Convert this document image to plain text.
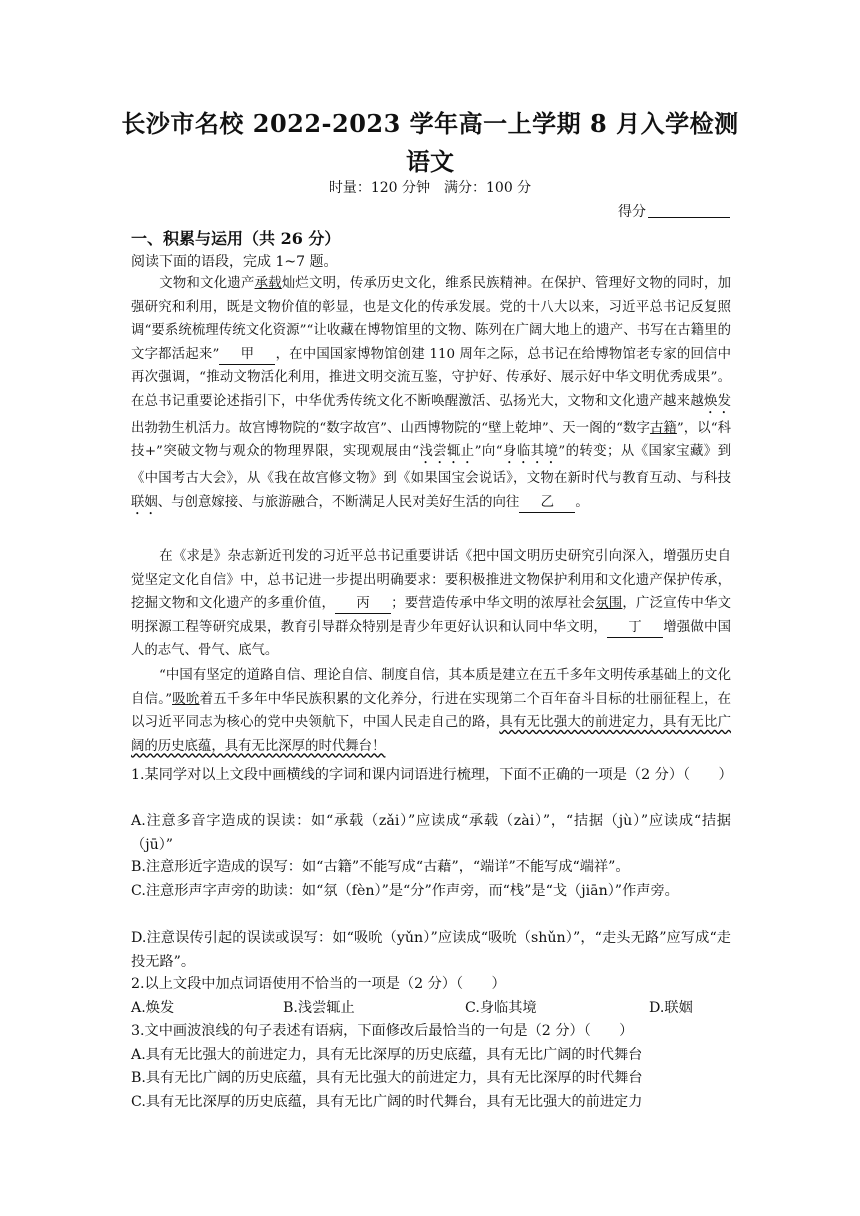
长沙市名校 2022-2023 学年高一上学期 8 月入学检测
语文
时量：120 分钟　满分：100 分
得分
一、积累与运用（共 26 分）
阅读下面的语段，完成 1~7 题。
文物和文化遗产承载灿烂文明，传承历史文化，维系民族精神。在保护、管理好文物的同时，加强研究和利用，既是文物价值的彰显，也是文化的传承发展。党的十八大以来，习近平总书记反复照调“要系统梳理传统文化资源”“让收藏在博物馆里的文物、陈列在广阔大地上的遗产、书写在古籍里的文字都活起来” 甲 ，在中国国家博物馆创建 110 周年之际，总书记在给博物馆老专家的回信中再次强调，“推动文物活化利用，推进文明交流互鉴，守护好、传承好、展示好中华文明优秀成果”。在总书记重要论述指引下，中华优秀传统文化不断唤醒激活、弘扬光大，文物和文化遗产越来越焕发出勃勃生机活力。故宫博物院的“数字故宫”、山西博物院的“壁上乾坤”、天一阁的“数字古籍”，以“科技+”突破文物与观众的物理界限，实现观展由“浅尝辄止”向“身临其境”的转变；从《国家宝藏》到《中国考古大会》，从《我在故宫修文物》到《如果国宝会说话》，文物在新时代与教育互动、与科技联姻、与创意嫁接、与旅游融合，不断满足人民对美好生活的向往 乙 。
在《求是》杂志新近刊发的习近平总书记重要讲话《把中国文明历史研究引向深入，增强历史自觉坚定文化自信》中，总书记进一步提出明确要求：要积极推进文物保护利用和文化遗产保护传承，挖掘文物和文化遗产的多重价值， 丙 ；要营造传承中华文明的浓厚社会氛围，广泛宣传中华文明探源工程等研究成果，教育引导群众特别是青少年更好认识和认同中华文明， 丁 增强做中国人的志气、骨气、底气。
“中国有坚定的道路自信、理论自信、制度自信，其本质是建立在五千多年文明传承基础上的文化自信。”吸吮着五千多年中华民族积累的文化养分，行进在实现第二个百年奋斗目标的壮丽征程上，在以习近平同志为核心的党中央领航下，中国人民走自己的路，具有无比强大的前进定力，具有无比广阔的历史底蕴，具有无比深厚的时代舞台！
1.某同学对以上文段中画横线的字词和课内词语进行梳理，下面不正确的一项是（2 分）（　　）
A.注意多音字造成的误读：如“承载（zǎi）”应读成“承载（zài）”，“拮据（jù）”应读成“拮据（jū）”
B.注意形近字造成的误写：如“古籍”不能写成“古藉”，“端详”不能写成“端祥”。
C.注意形声字声旁的助读：如“氛（fèn）”是“分”作声旁，而“栈”是“戈（jiān）”作声旁。
D.注意误传引起的误读或误写：如“吸吮（yǔn）”应读成“吸吮（shǔn）”，“走头无路”应写成“走投无路”。
2.以上文段中加点词语使用不恰当的一项是（2 分）（　　）
A.焕发	B.浅尝辄止	C.身临其境	D.联姻
3.文中画波浪线的句子表述有语病，下面修改后最恰当的一句是（2 分）（　　）
A.具有无比强大的前进定力，具有无比深厚的历史底蕴，具有无比广阔的时代舞台
B.具有无比广阔的历史底蕴，具有无比强大的前进定力，具有无比深厚的时代舞台
C.具有无比深厚的历史底蕴，具有无比广阔的时代舞台，具有无比强大的前进定力
